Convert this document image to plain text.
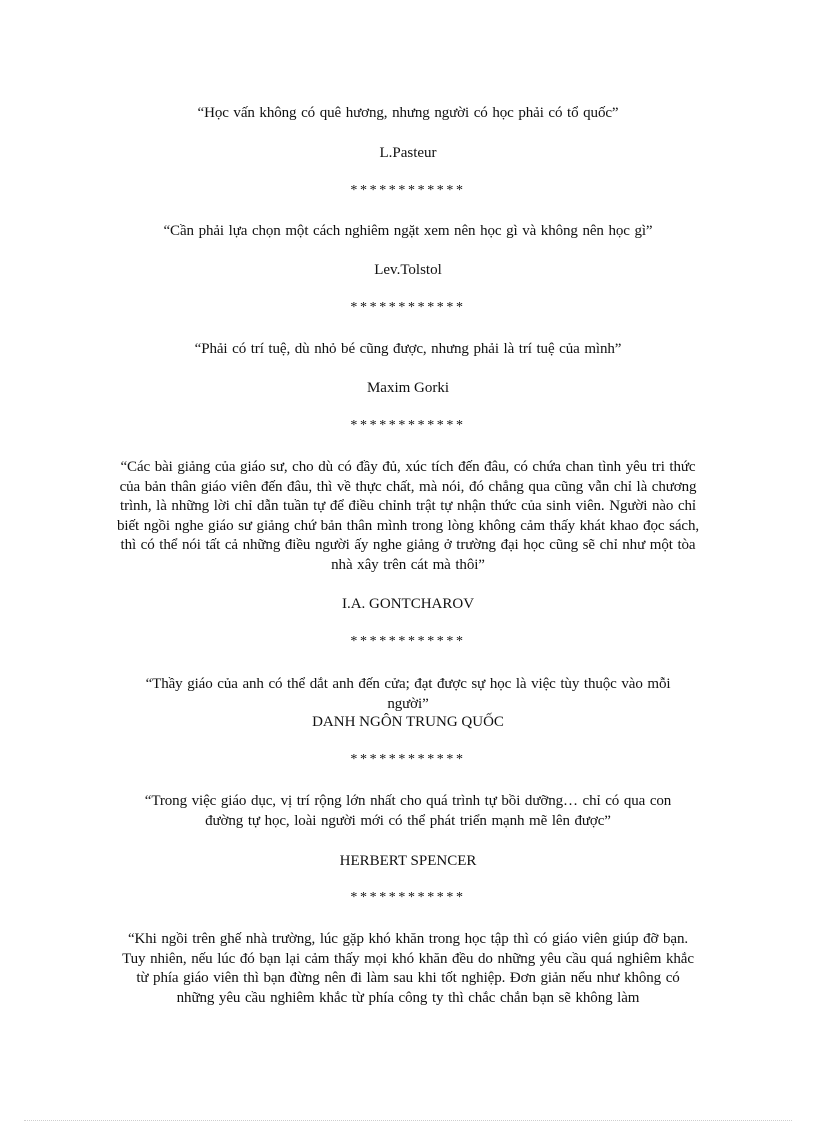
“Học vấn không có quê hương, nhưng người có học phải có tổ quốc”
L.Pasteur
************
“Cần phải lựa chọn một cách nghiêm ngặt xem nên học gì và không nên học gì”
Lev.Tolstol
************
“Phải có trí tuệ, dù nhỏ bé cũng được, nhưng phải là trí tuệ của mình”
Maxim Gorki
************
“Các bài giảng của giáo sư, cho dù có đầy đủ, xúc tích đến đâu, có chứa chan tình yêu tri thức của bản thân giáo viên đến đâu, thì về thực chất, mà nói, đó chẳng qua cũng vẫn chỉ là chương trình, là những lời chỉ dẫn tuần tự để điều chỉnh trật tự nhận thức của sinh viên. Người nào chỉ biết ngồi nghe giáo sư giảng chứ bản thân mình trong lòng không cảm thấy khát khao đọc sách, thì có thể nói tất cả những điều người ấy nghe giảng ở trường đại học cũng sẽ chỉ như một tòa nhà xây trên cát mà thôi”
I.A. GONTCHAROV
************
“Thầy giáo của anh có thể dắt anh đến cửa; đạt được sự học là việc tùy thuộc vào mỗi người”
DANH NGÔN TRUNG QUỐC
************
“Trong việc giáo dục, vị trí rộng lớn nhất cho quá trình tự bồi dưỡng… chỉ có qua con đường tự học, loài người mới có thể phát triển mạnh mẽ lên được”
HERBERT SPENCER
************
“Khi ngồi trên ghế nhà trường, lúc gặp khó khăn trong học tập thì có giáo viên giúp đỡ bạn. Tuy nhiên, nếu lúc đó bạn lại cảm thấy mọi khó khăn đều do những yêu cầu quá nghiêm khắc từ phía giáo viên thì bạn đừng nên đi làm sau khi tốt nghiệp. Đơn giản nếu như không có những yêu cầu nghiêm khắc từ phía công ty thì chắc chắn bạn sẽ không làm
